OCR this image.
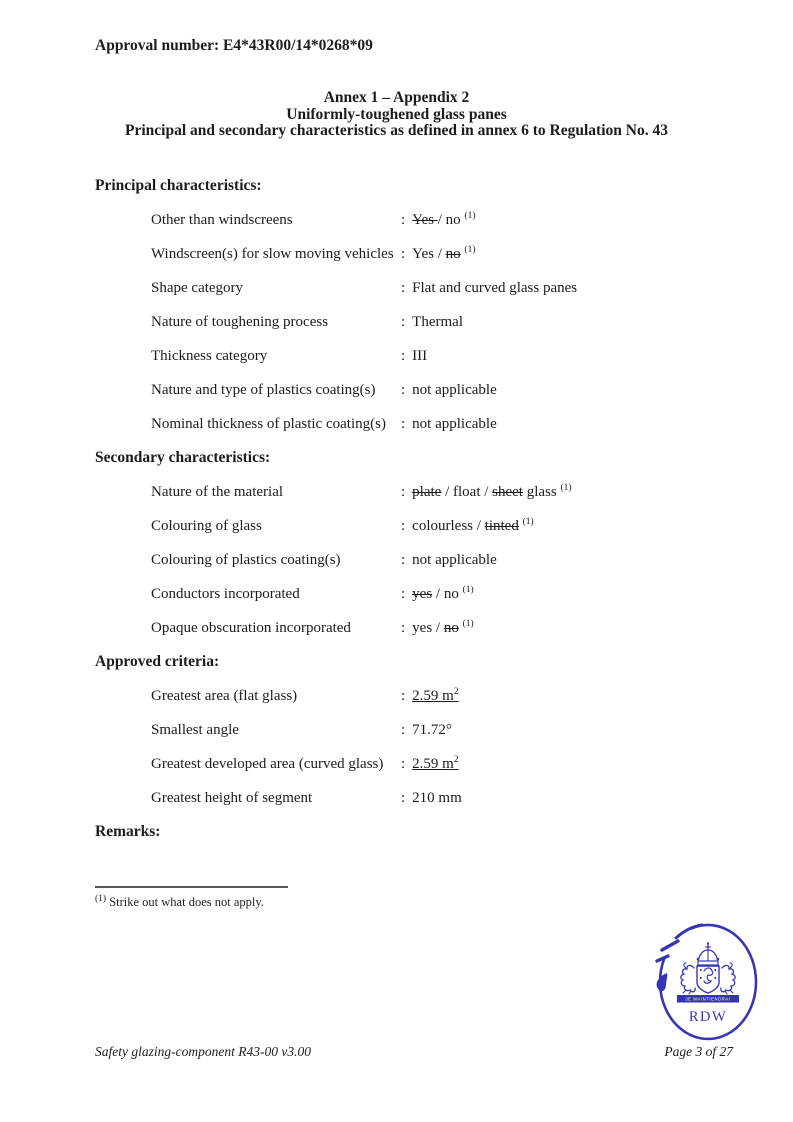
Approval number: E4*43R00/14*0268*09
Annex 1 – Appendix 2
Uniformly-toughened glass panes
Principal and secondary characteristics as defined in annex 6 to Regulation No. 43
Principal characteristics:
Other than windscreens	: Yes / no $^{(1)}$
Windscreen(s) for slow moving vehicles : Yes / no $^{(1)}$
Shape category	: Flat and curved glass panes
Nature of toughening process	: Thermal
Thickness category	: III
Nature and type of plastics coating(s)	: not applicable
Nominal thickness of plastic coating(s)	: not applicable
Secondary characteristics:
Nature of the material	: plate / float / sheet glass $^{(1)}$
Colouring of glass	: colourless / tinted $^{(1)}$
Colouring of plastics coating(s)	: not applicable
Conductors incorporated	: yes / no $^{(1)}$
Opaque obscuration incorporated	: yes / no $^{(1)}$
Approved criteria:
Greatest area (flat glass)	: 2.59 $m^2$
Smallest angle	: 71.72°
Greatest developed area (curved glass)	: 2.59 $m^2$
Greatest height of segment	: 210 mm
Remarks:
$^{(1)}$ Strike out what does not apply.
JE MAINTIENDRAI
RDW
Safety glazing-component R43-00 v3.00	Page 3 of 27
